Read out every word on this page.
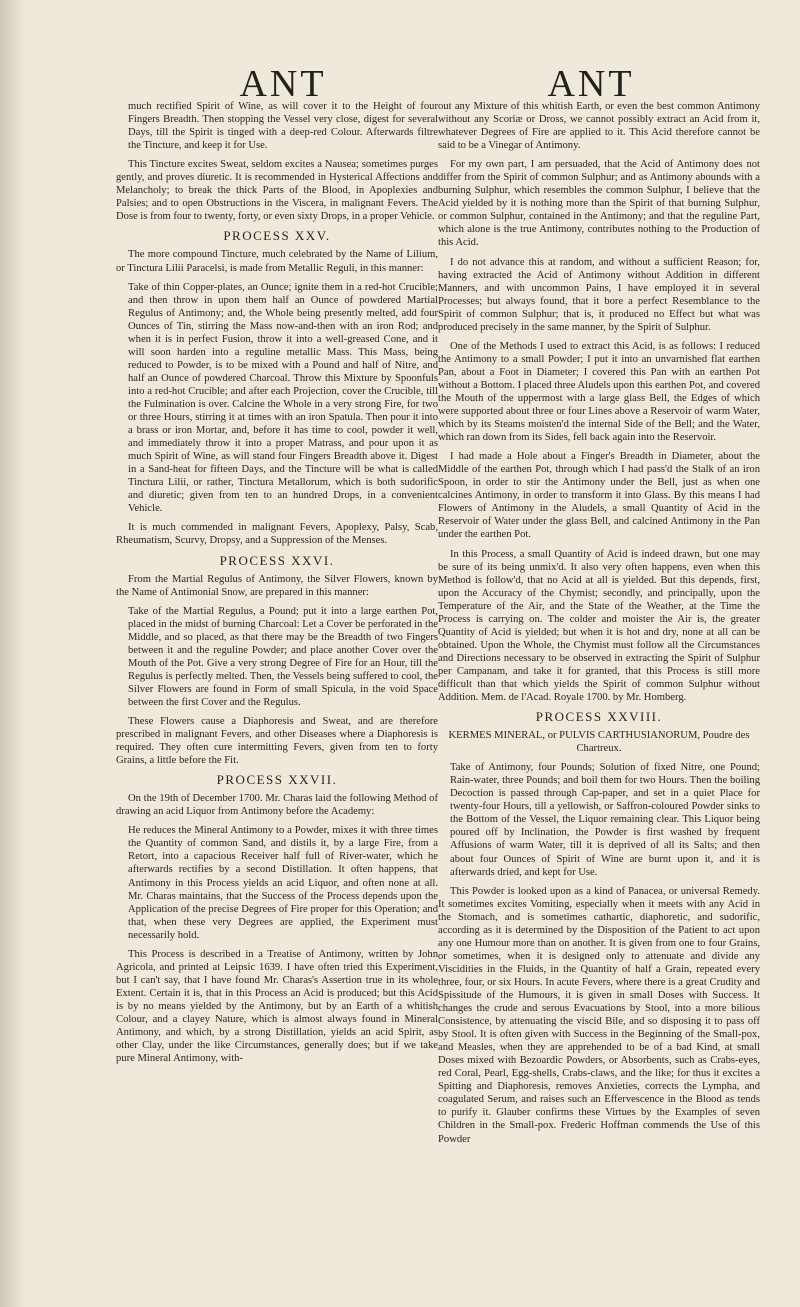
ANT	ANT

much rectified Spirit of Wine, as will cover it to the Height of four Fingers Breadth. Then stopping the Vessel very close, digest for several Days, till the Spirit is tinged with a deep-red Colour. Afterwards filtre the Tincture, and keep it for Use.

This Tincture excites Sweat, seldom excites a Nausea; sometimes purges gently, and proves diuretic. It is recommended in Hysterical Affections and Melancholy; to break the thick Parts of the Blood, in Apoplexies and Palsies; and to open Obstructions in the Viscera, in malignant Fevers. The Dose is from four to twenty, forty, or even sixty Drops, in a proper Vehicle.

PROCESS XXV.

The more compound Tincture, much celebrated by the Name of Lilium, or Tinctura Lilii Paracelsi, is made from Metallic Reguli, in this manner:

Take of thin Copper-plates, an Ounce; ignite them in a red-hot Crucible; and then throw in upon them half an Ounce of powdered Martial Regulus of Antimony; and, the Whole being presently melted, add four Ounces of Tin, stirring the Mass now-and-then with an iron Rod; and when it is in perfect Fusion, throw it into a well-greased Cone, and it will soon harden into a reguline metallic Mass. This Mass, being reduced to Powder, is to be mixed with a Pound and half of Nitre, and half an Ounce of powdered Charcoal. Throw this Mixture by Spoonfuls into a red-hot Crucible; and after each Projection, cover the Crucible, till the Fulmination is over. Calcine the Whole in a very strong Fire, for two or three Hours, stirring it at times with an iron Spatula. Then pour it into a brass or iron Mortar, and, before it has time to cool, powder it well, and immediately throw it into a proper Matrass, and pour upon it as much Spirit of Wine, as will stand four Fingers Breadth above it. Digest in a Sand-heat for fifteen Days, and the Tincture will be what is called Tinctura Lilii, or rather, Tinctura Metallorum, which is both sudorific and diuretic; given from ten to an hundred Drops, in a convenient Vehicle.

It is much commended in malignant Fevers, Apoplexy, Palsy, Scab, Rheumatism, Scurvy, Dropsy, and a Suppression of the Menses.

PROCESS XXVI.

From the Martial Regulus of Antimony, the Silver Flowers, known by the Name of Antimonial Snow, are prepared in this manner:

Take of the Martial Regulus, a Pound; put it into a large earthen Pot, placed in the midst of burning Charcoal: Let a Cover be perforated in the Middle, and so placed, as that there may be the Breadth of two Fingers between it and the reguline Powder; and place another Cover over the Mouth of the Pot. Give a very strong Degree of Fire for an Hour, till the Regulus is perfectly melted. Then, the Vessels being suffered to cool, the Silver Flowers are found in Form of small Spicula, in the void Space between the first Cover and the Regulus.

These Flowers cause a Diaphoresis and Sweat, and are therefore prescribed in malignant Fevers, and other Diseases where a Diaphoresis is required. They often cure intermitting Fevers, given from ten to forty Grains, a little before the Fit.

PROCESS XXVII.

On the 19th of December 1700. Mr. Charas laid the following Method of drawing an acid Liquor from Antimony before the Academy:

He reduces the Mineral Antimony to a Powder, mixes it with three times the Quantity of common Sand, and distils it, by a large Fire, from a Retort, into a capacious Receiver half full of River-water, which he afterwards rectifies by a second Distillation. It often happens, that Antimony in this Process yields an acid Liquor, and often none at all. Mr. Charas maintains, that the Success of the Process depends upon the Application of the precise Degrees of Fire proper for this Operation; and that, when these very Degrees are applied, the Experiment must necessarily hold.

This Process is described in a Treatise of Antimony, written by John Agricola, and printed at Leipsic 1639. I have often tried this Experiment, but I can't say, that I have found Mr. Charas's Assertion true in its whole Extent. Certain it is, that in this Process an Acid is produced; but this Acid is by no means yielded by the Antimony, but by an Earth of a whitish Colour, and a clayey Nature, which is almost always found in Mineral Antimony, and which, by a strong Distillation, yields an acid Spirit, as other Clay, under the like Circumstances, generally does; but if we take pure Mineral Antimony, with-

out any Mixture of this whitish Earth, or even the best common Antimony without any Scoriæ or Dross, we cannot possibly extract an Acid from it, whatever Degrees of Fire are applied to it. This Acid therefore cannot be said to be a Vinegar of Antimony.

For my own part, I am persuaded, that the Acid of Antimony does not differ from the Spirit of common Sulphur; and as Antimony abounds with a burning Sulphur, which resembles the common Sulphur, I believe that the Acid yielded by it is nothing more than the Spirit of that burning Sulphur, or common Sulphur, contained in the Antimony; and that the reguline Part, which alone is the true Antimony, contributes nothing to the Production of this Acid.

I do not advance this at random, and without a sufficient Reason; for, having extracted the Acid of Antimony without Addition in different Manners, and with uncommon Pains, I have employed it in several Processes; but always found, that it bore a perfect Resemblance to the Spirit of common Sulphur; that is, it produced no Effect but what was produced precisely in the same manner, by the Spirit of Sulphur.

One of the Methods I used to extract this Acid, is as follows: I reduced the Antimony to a small Powder; I put it into an unvarnished flat earthen Pan, about a Foot in Diameter; I covered this Pan with an earthen Pot without a Bottom. I placed three Aludels upon this earthen Pot, and covered the Mouth of the uppermost with a large glass Bell, the Edges of which were supported about three or four Lines above a Reservoir of warm Water, which by its Steams moisten'd the internal Side of the Bell; and the Water, which ran down from its Sides, fell back again into the Reservoir.

I had made a Hole about a Finger's Breadth in Diameter, about the Middle of the earthen Pot, through which I had pass'd the Stalk of an iron Spoon, in order to stir the Antimony under the Bell, just as when one calcines Antimony, in order to transform it into Glass. By this means I had Flowers of Antimony in the Aludels, a small Quantity of Acid in the Reservoir of Water under the glass Bell, and calcined Antimony in the Pan under the earthen Pot.

In this Process, a small Quantity of Acid is indeed drawn, but one may be sure of its being unmix'd. It also very often happens, even when this Method is follow'd, that no Acid at all is yielded. But this depends, first, upon the Accuracy of the Chymist; secondly, and principally, upon the Temperature of the Air, and the State of the Weather, at the Time the Process is carrying on. The colder and moister the Air is, the greater Quantity of Acid is yielded; but when it is hot and dry, none at all can be obtained. Upon the Whole, the Chymist must follow all the Circumstances and Directions necessary to be observed in extracting the Spirit of Sulphur per Campanam, and take it for granted, that this Process is still more difficult than that which yields the Spirit of common Sulphur without Addition. Mem. de l'Acad. Royale 1700. by Mr. Homberg.

PROCESS XXVIII.
KERMES MINERAL, or PULVIS CARTHUSIANORUM, Poudre des Chartreux.

Take of Antimony, four Pounds; Solution of fixed Nitre, one Pound; Rain-water, three Pounds; and boil them for two Hours. Then the boiling Decoction is passed through Cap-paper, and set in a quiet Place for twenty-four Hours, till a yellowish, or Saffron-coloured Powder sinks to the Bottom of the Vessel, the Liquor remaining clear. This Liquor being poured off by Inclination, the Powder is first washed by frequent Affusions of warm Water, till it is deprived of all its Salts; and then about four Ounces of Spirit of Wine are burnt upon it, and it is afterwards dried, and kept for Use.

This Powder is looked upon as a kind of Panacea, or universal Remedy. It sometimes excites Vomiting, especially when it meets with any Acid in the Stomach, and is sometimes cathartic, diaphoretic, and sudorific, according as it is determined by the Disposition of the Patient to act upon any one Humour more than on another. It is given from one to four Grains, or sometimes, when it is designed only to attenuate and divide any Viscidities in the Fluids, in the Quantity of half a Grain, repeated every three, four, or six Hours. In acute Fevers, where there is a great Crudity and Spissitude of the Humours, it is given in small Doses with Success. It changes the crude and serous Evacuations by Stool, into a more bilious Consistence, by attenuating the viscid Bile, and so disposing it to pass off by Stool. It is often given with Success in the Beginning of the Small-pox, and Measles, when they are apprehended to be of a bad Kind, at small Doses mixed with Bezoardic Powders, or Absorbents, such as Crabs-eyes, red Coral, Pearl, Egg-shells, Crabs-claws, and the like; for thus it excites a Spitting and Diaphoresis, removes Anxieties, corrects the Lympha, and coagulated Serum, and raises such an Effervescence in the Blood as tends to purify it. Glauber confirms these Virtues by the Examples of seven Children in the Small-pox. Frederic Hoffman commends the Use of this Powder
